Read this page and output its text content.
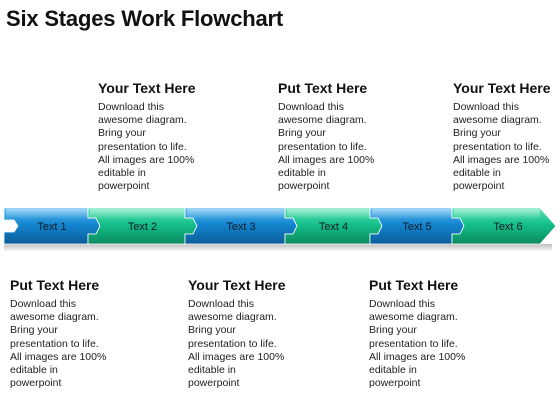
Six Stages Work Flowchart
Your Text Here
Download this
awesome diagram.
Bring your
presentation to life.
All images are 100%
editable in
powerpoint
Put Text Here
Download this
awesome diagram.
Bring your
presentation to life.
All images are 100%
editable in
powerpoint
Your Text Here
Download this
awesome diagram.
Bring your
presentation to life.
All images are 100%
editable in
powerpoint
Put Text Here
Download this
awesome diagram.
Bring your
presentation to life.
All images are 100%
editable in
powerpoint
Your Text Here
Download this
awesome diagram.
Bring your
presentation to life.
All images are 100%
editable in
powerpoint
Put Text Here
Download this
awesome diagram.
Bring your
presentation to life.
All images are 100%
editable in
powerpoint
Text 1	Text 2	Text 3	Text 4	Text 5	Text 6
